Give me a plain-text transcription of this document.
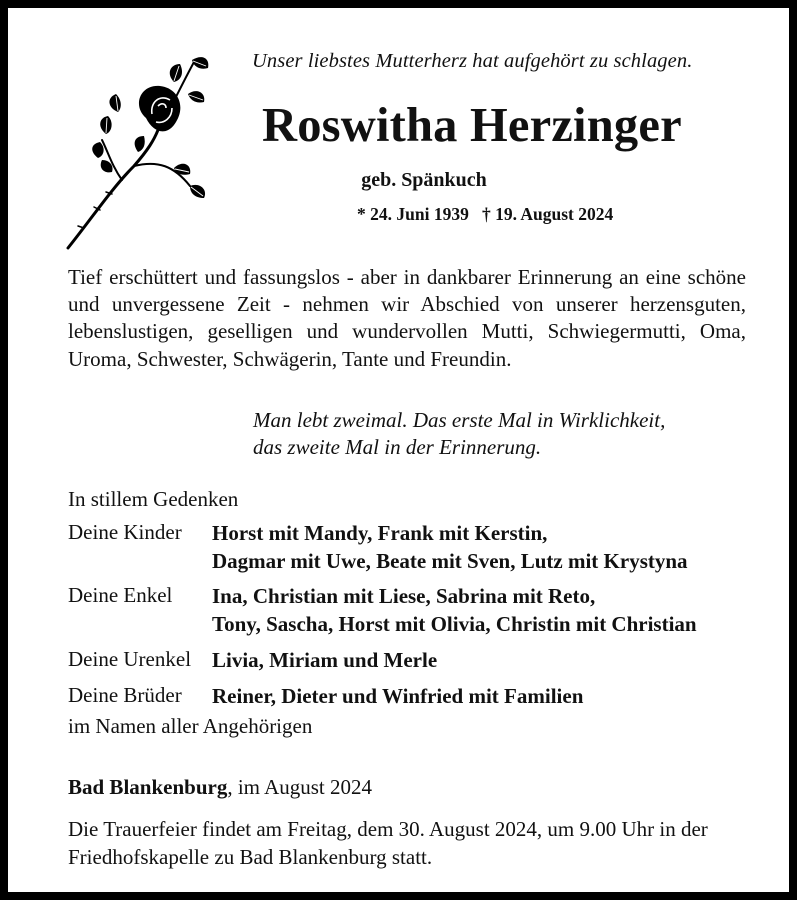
Unser liebstes Mutterherz hat aufgehört zu schlagen.
Roswitha Herzinger
geb. Spänkuch
* 24. Juni 1939 † 19. August 2024
Tief erschüttert und fassungslos - aber in dankbarer Erinnerung an eine schöne und unvergessene Zeit - nehmen wir Abschied von unserer herzensguten, lebenslustigen, geselligen und wundervollen Mutti, Schwiegermutti, Oma, Uroma, Schwester, Schwägerin, Tante und Freundin.
Man lebt zweimal. Das erste Mal in Wirklichkeit,
das zweite Mal in der Erinnerung.
In stillem Gedenken
Deine Kinder Horst mit Mandy, Frank mit Kerstin,
Dagmar mit Uwe, Beate mit Sven, Lutz mit Krystyna
Deine Enkel Ina, Christian mit Liese, Sabrina mit Reto,
Tony, Sascha, Horst mit Olivia, Christin mit Christian
Deine Urenkel Livia, Miriam und Merle
Deine Brüder Reiner, Dieter und Winfried mit Familien
im Namen aller Angehörigen
Bad Blankenburg, im August 2024
Die Trauerfeier findet am Freitag, dem 30. August 2024, um 9.00 Uhr in der Friedhofskapelle zu Bad Blankenburg statt.
